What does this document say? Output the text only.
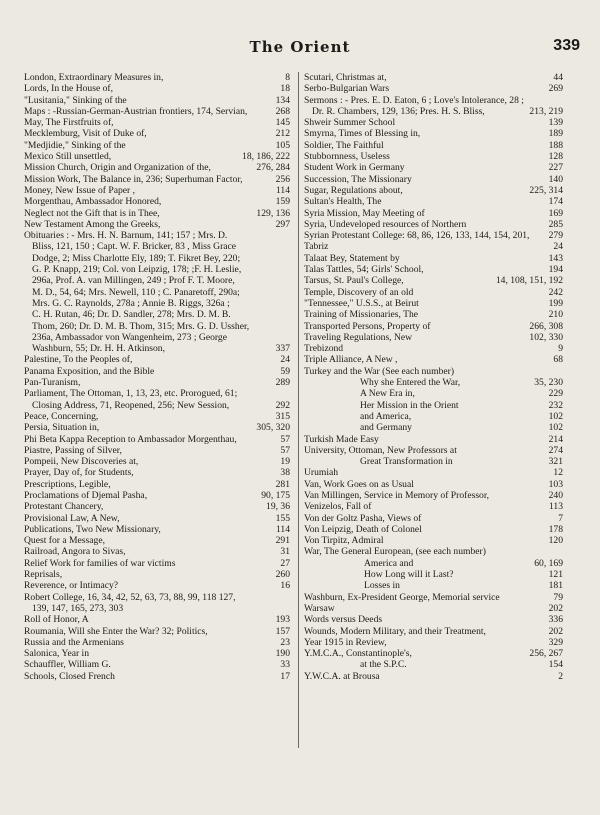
The Orient	339
London, Extraordinary Measures in,	8
Lords, In the House of,	18
"Lusitania," Sinking of the	134
Maps : -Russian-German-Austrian frontiers, 174, Servian,	268
May, The Firstfruits of,	145
Mecklemburg, Visit of Duke of,	212
"Medjidie," Sinking of the	105
Mexico Still unsettled,	18, 186, 222
Mission Church, Origin and Organization of the,	276, 284
Mission Work, The Balance in, 236; Superhuman Factor,	256
Money, New Issue of Paper ,	114
Morgenthau, Ambassador Honored,	159
Neglect not the Gift that is in Thee,	129, 136
New Testament Among the Greeks,	297
Obituaries : - Mrs. H. N. Barnum, 141; 157 ; Mrs. D.
Bliss, 121, 150 ; Capt. W. F. Bricker, 83 , Miss Grace
Dodge, 2; Miss Charlotte Ely, 189; T. Fikret Bey, 220;
G. P. Knapp, 219; Col. von Leipzig, 178; ;F. H. Leslie,
296a, Prof. A. van Millingen, 249 ; Prof F. T. Moore,
M. D., 54, 64; Mrs. Newell, 110 ; C. Panaretoff, 290a;
Mrs. G. C. Raynolds, 278a ; Annie B. Riggs, 326a ;
C. H. Rutan, 46; Dr. D. Sandler, 278; Mrs. D. M. B.
Thom, 260; Dr. D. M. B. Thom, 315; Mrs. G. D. Ussher,
236a, Ambassador von Wangenheim, 273 ; George
Washburn, 55; Dr. H. H. Atkinson,	337
Palestine, To the Peoples of,	24
Panama Exposition, and the Bible	59
Pan-Turanism,	289
Parliament, The Ottoman, 1, 13, 23, etc. Prorogued, 61;
Closing Address, 71, Reopened, 256; New Session,	292
Peace, Concerning,	315
Persia, Situation in,	305, 320
Phi Beta Kappa Reception to Ambassador Morgenthau,	57
Piastre, Passing of Silver,	57
Pompeii, New Discoveries at,	19
Prayer, Day of, for Students,	38
Prescriptions, Legible,	281
Proclamations of Djemal Pasha,	90, 175
Protestant Chancery,	19, 36
Provisional Law, A New,	155
Publications, Two New Missionary,	114
Quest for a Message,	291
Railroad, Angora to Sivas,	31
Relief Work for families of war victims	27
Reprisals,	260
Reverence, or Intimacy?	16
Robert College, 16, 34, 42, 52, 63, 73, 88, 99, 118 127,
139, 147, 165, 273, 303
Roll of Honor, A	193
Roumania, Will she Enter the War? 32; Politics,	157
Russia and the Armenians	23
Salonica, Year in	190
Schauffler, William G.	33
Schools, Closed French	17
Scutari, Christmas at,	44
Serbo-Bulgarian Wars	269
Sermons : - Pres. E. D. Eaton, 6 ; Love's Intolerance, 28 ;
Dr. R. Chambers, 129, 136; Pres. H. S. Bliss,	213, 219
Shweir Summer School	139
Smyrna, Times of Blessing in,	189
Soldier, The Faithful	188
Stubbornness, Useless	128
Student Work in Germany	227
Succession, The Missionary	140
Sugar, Regulations about,	225, 314
Sultan's Health, The	174
Syria Mission, May Meeting of	169
Syria, Undeveloped resources of Northern	285
Syrian Protestant College: 68, 86, 126, 133, 144, 154, 201,	279
Tabriz	24
Talaat Bey, Statement by	143
Talas Tattles, 54; Girls' School,	194
Tarsus, St. Paul's College,	14, 108, 151, 192
Temple, Discovery of an old	242
"Tennessee," U.S.S., at Beirut	199
Training of Missionaries, The	210
Transported Persons, Property of	266, 308
Traveling Regulations, New	102, 330
Trebizond	9
Triple Alliance, A New ,	68
Turkey and the War (See each number)
Why she Entered the War,	35, 230
A New Era in,	229
Her Mission in the Orient	232
and America,	102
and Germany	102
Turkish Made Easy	214
University, Ottoman, New Professors at	274
Great Transformation in	321
Urumiah	12
Van, Work Goes on as Usual	103
Van Millingen, Service in Memory of Professor,	240
Venizelos, Fall of	113
Von der Goltz Pasha, Views of	7
Von Leipzig, Death of Colonel	178
Von Tirpitz, Admiral	120
War, The General European, (see each number)
America and	60, 169
How Long will it Last?	121
Losses in	181
Washburn, Ex-President George, Memorial service	79
Warsaw	202
Words versus Deeds	336
Wounds, Modern Military, and their Treatment,	202
Year 1915 in Review,	329
Y.M.C.A., Constantinople's,	256, 267
at the S.P.C.	154
Y.W.C.A. at Brousa	2
